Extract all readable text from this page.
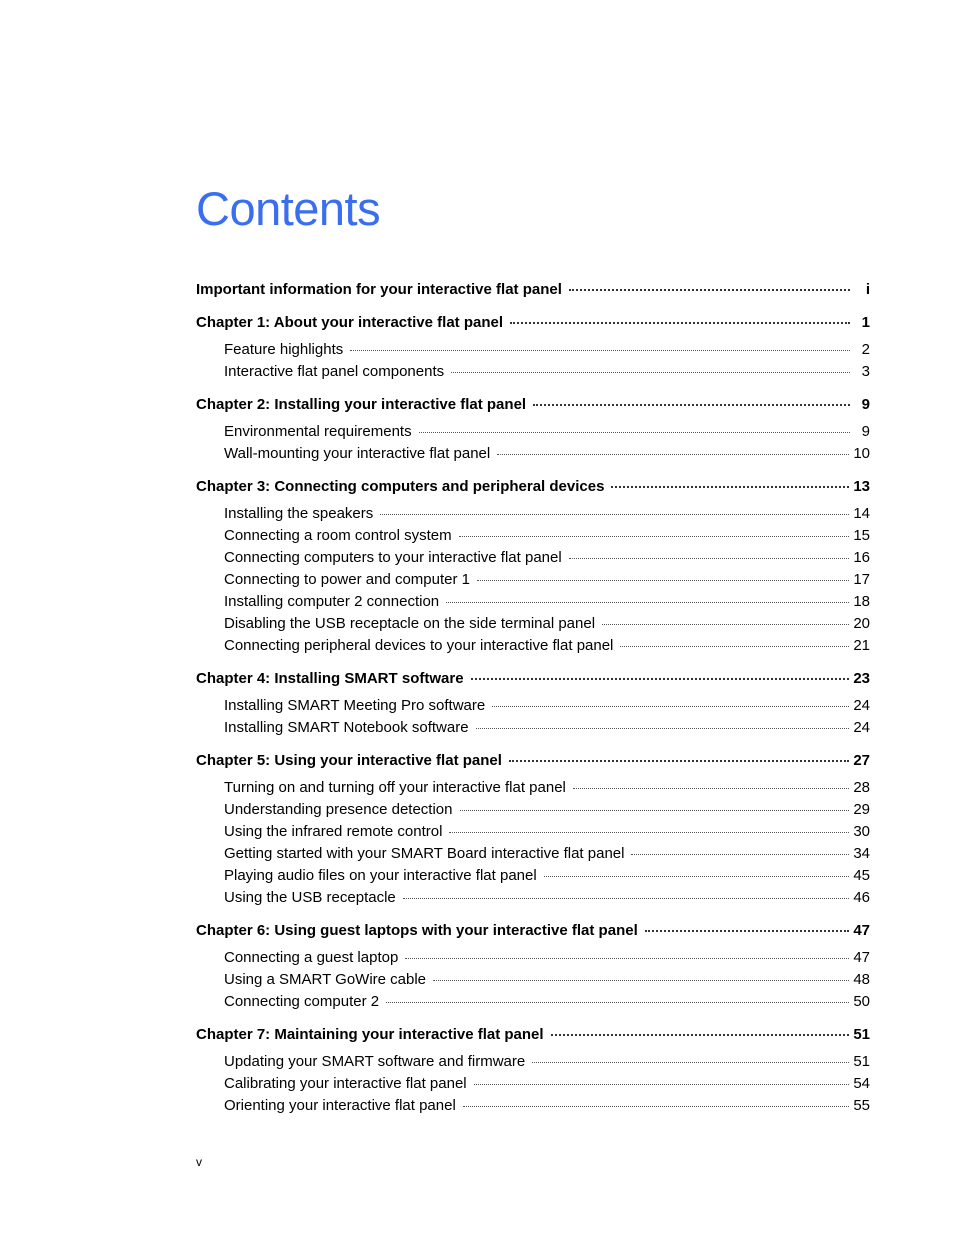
Contents
Important information for your interactive flat panel	i
Chapter 1: About your interactive flat panel	1
Feature highlights	2
Interactive flat panel components	3
Chapter 2: Installing your interactive flat panel	9
Environmental requirements	9
Wall-mounting your interactive flat panel	10
Chapter 3: Connecting computers and peripheral devices	13
Installing the speakers	14
Connecting a room control system	15
Connecting computers to your interactive flat panel	16
Connecting to power and computer 1	17
Installing computer 2 connection	18
Disabling the USB receptacle on the side terminal panel	20
Connecting peripheral devices to your interactive flat panel	21
Chapter 4: Installing SMART software	23
Installing SMART Meeting Pro software	24
Installing SMART Notebook software	24
Chapter 5: Using your interactive flat panel	27
Turning on and turning off your interactive flat panel	28
Understanding presence detection	29
Using the infrared remote control	30
Getting started with your SMART Board interactive flat panel	34
Playing audio files on your interactive flat panel	45
Using the USB receptacle	46
Chapter 6: Using guest laptops with your interactive flat panel	47
Connecting a guest laptop	47
Using a SMART GoWire cable	48
Connecting computer 2	50
Chapter 7: Maintaining your interactive flat panel	51
Updating your SMART software and firmware	51
Calibrating your interactive flat panel	54
Orienting your interactive flat panel	55
v
